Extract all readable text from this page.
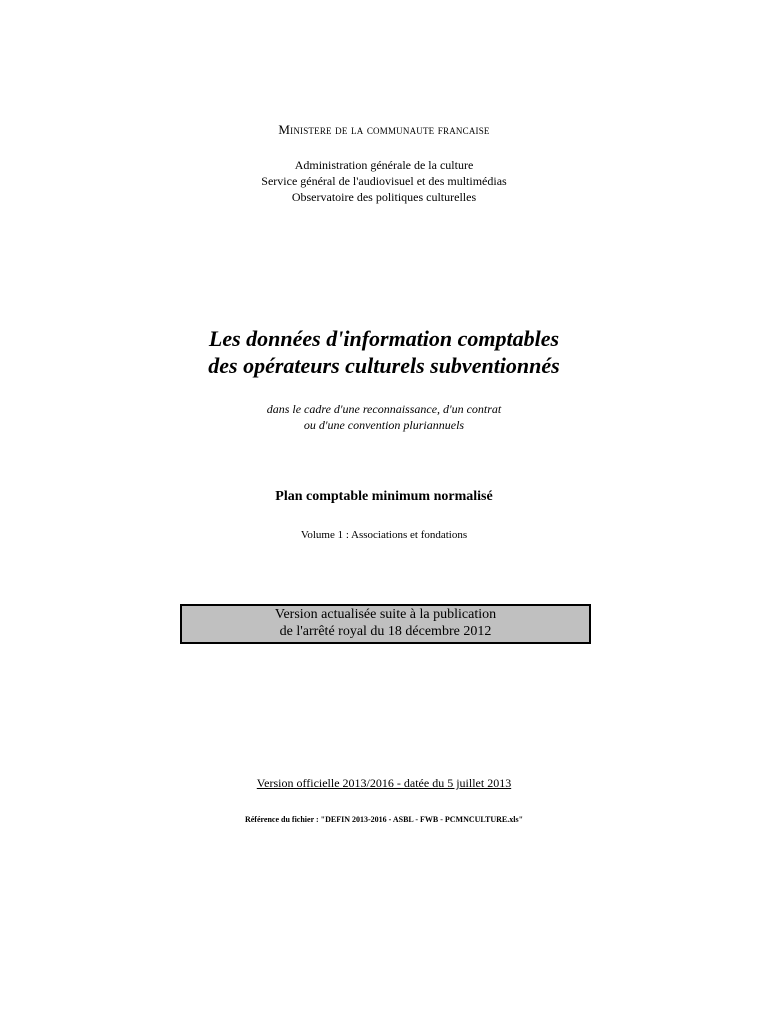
Ministere de la communaute francaise
Administration générale de la culture
Service général de l'audiovisuel et des multimédias
Observatoire des politiques culturelles
Les données d'information comptables
des opérateurs culturels subventionnés
dans le cadre d'une reconnaissance, d'un contrat
ou d'une convention pluriannuels
Plan comptable minimum normalisé
Volume 1 : Associations et fondations
Version actualisée suite à la publication
de l'arrêté royal du 18 décembre 2012
Version officielle 2013/2016 - datée du 5 juillet 2013
Référence du fichier : "DEFIN 2013-2016 - ASBL - FWB - PCMNCULTURE.xls"
